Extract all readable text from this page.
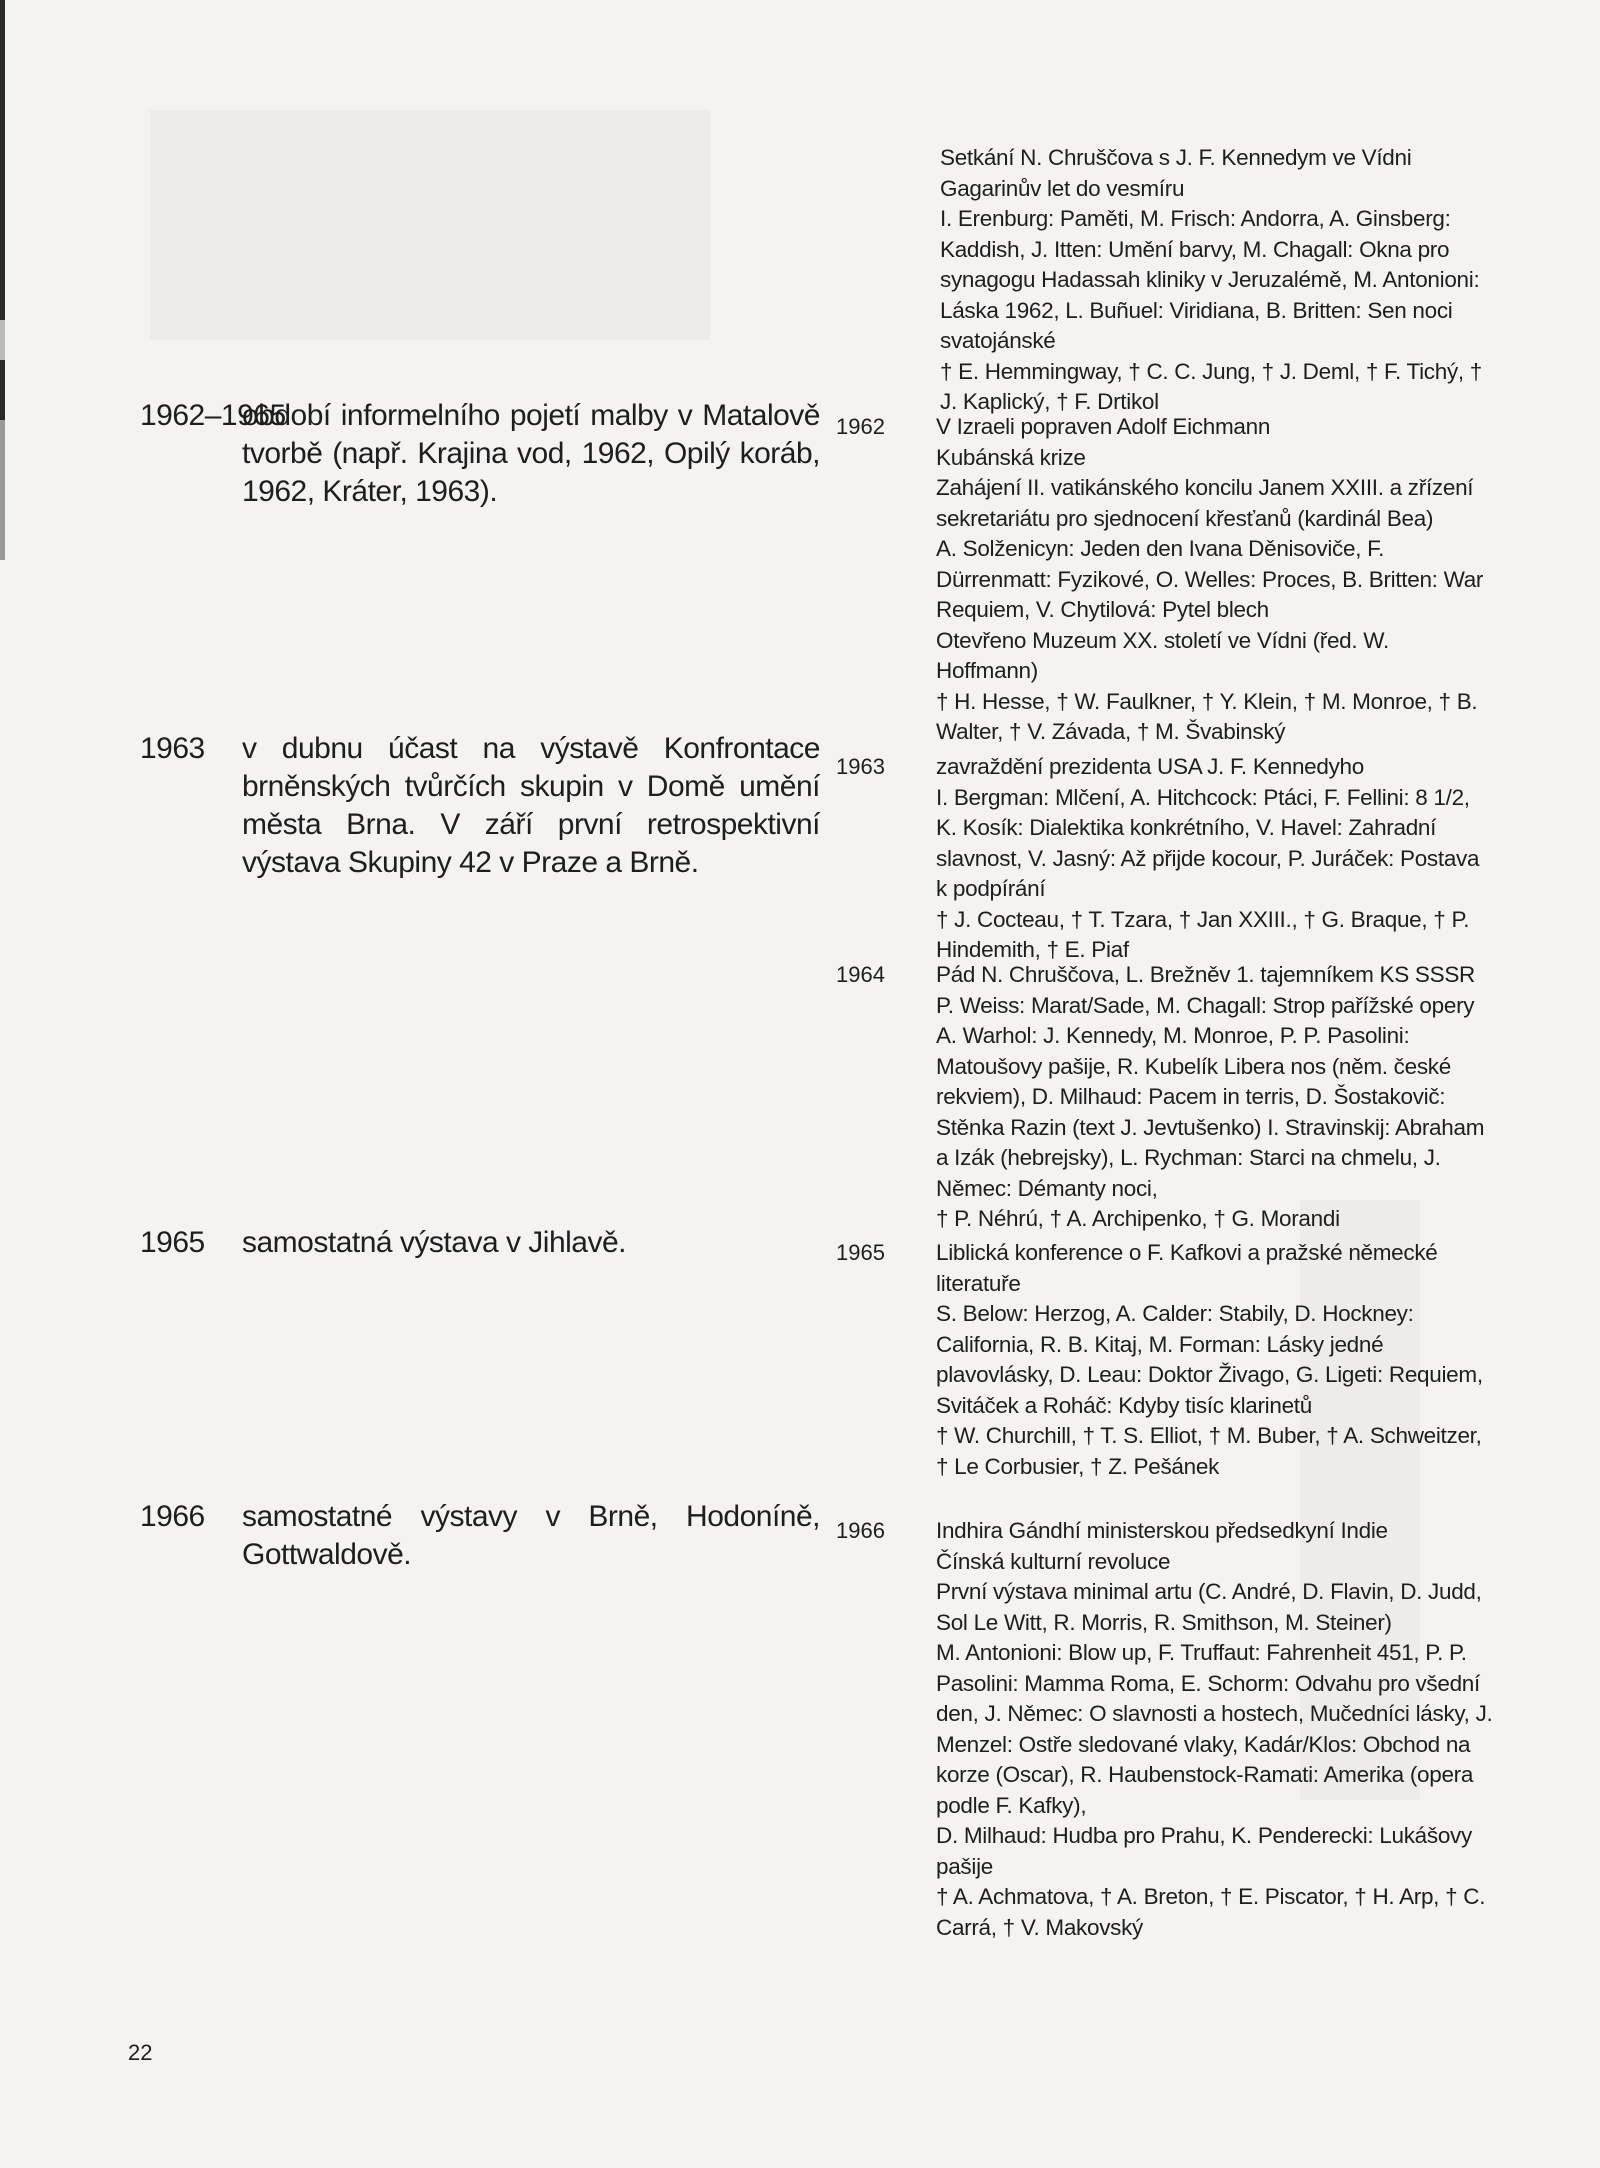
1962–1965

období informelního pojetí malby v Matalově tvorbě (např. Krajina vod, 1962, Opilý koráb, 1962, Kráter, 1963).

1963 v dubnu účast na výstavě Konfrontace brněnských tvůrčích skupin v Domě umění města Brna. V září první retrospektivní výstava Skupiny 42 v Praze a Brně.

1965 samostatná výstava v Jihlavě.

1966 samostatné výstavy v Brně, Hodoníně, Gottwaldově.

Setkání N. Chruščova s J. F. Kennedym ve Vídni

Gagarinův let do vesmíru

I. Erenburg: Paměti, M. Frisch: Andorra, A. Ginsberg: Kaddish, J. Itten: Umění barvy, M. Chagall: Okna pro synagogu Hadassah kliniky v Jeruzalémě, M. Antonioni: Láska 1962, L. Buñuel: Viridiana, B. Britten: Sen noci svatojánské

† E. Hemmingway, † C. C. Jung, † J. Deml, † F. Tichý, † J. Kaplický, † F. Drtikol

1962 V Izraeli popraven Adolf Eichmann

Kubánská krize

Zahájení II. vatikánského koncilu Janem XXIII. a zřízení sekretariátu pro sjednocení křesťanů (kardinál Bea)

A. Solženicyn: Jeden den Ivana Děnisoviče, F. Dürrenmatt: Fyzikové, O. Welles: Proces, B. Britten: War Requiem, V. Chytilová: Pytel blech

Otevřeno Muzeum XX. století ve Vídni (řed. W. Hoffmann)

† H. Hesse, † W. Faulkner, † Y. Klein, † M. Monroe, † B. Walter, † V. Závada, † M. Švabinský

1963 zavraždění prezidenta USA J. F. Kennedyho

I. Bergman: Mlčení, A. Hitchcock: Ptáci, F. Fellini: 8 1/2, K. Kosík: Dialektika konkrétního, V. Havel: Zahradní slavnost, V. Jasný: Až přijde kocour, P. Juráček: Postava k podpírání

† J. Cocteau, † T. Tzara, † Jan XXIII., † G. Braque, † P. Hindemith, † E. Piaf

1964 Pád N. Chruščova, L. Brežněv 1. tajemníkem KS SSSR

P. Weiss: Marat/Sade, M. Chagall: Strop pařížské opery

A. Warhol: J. Kennedy, M. Monroe, P. P. Pasolini: Matoušovy pašije, R. Kubelík Libera nos (něm. české rekviem), D. Milhaud: Pacem in terris, D. Šostakovič: Stěnka Razin (text J. Jevtušenko) I. Stravinskij: Abraham a Izák (hebrejsky), L. Rychman: Starci na chmelu, J. Němec: Démanty noci,

† P. Néhrú, † A. Archipenko, † G. Morandi

1965 Liblická konference o F. Kafkovi a pražské německé literatuře

S. Below: Herzog, A. Calder: Stabily, D. Hockney: California, R. B. Kitaj, M. Forman: Lásky jedné plavovlásky, D. Leau: Doktor Živago, G. Ligeti: Requiem, Svitáček a Roháč: Kdyby tisíc klarinetů

† W. Churchill, † T. S. Elliot, † M. Buber, † A. Schweitzer, † Le Corbusier, † Z. Pešánek

1966 Indhira Gándhí ministerskou předsedkyní Indie

Čínská kulturní revoluce

První výstava minimal artu (C. André, D. Flavin, D. Judd, Sol Le Witt, R. Morris, R. Smithson, M. Steiner)

M. Antonioni: Blow up, F. Truffaut: Fahrenheit 451, P. P. Pasolini: Mamma Roma, E. Schorm: Odvahu pro všední den, J. Němec: O slavnosti a hostech, Mučedníci lásky, J. Menzel: Ostře sledované vlaky, Kadár/Klos: Obchod na korze (Oscar), R. Haubenstock-Ramati: Amerika (opera podle F. Kafky),

D. Milhaud: Hudba pro Prahu, K. Penderecki: Lukášovy pašije

† A. Achmatova, † A. Breton, † E. Piscator, † H. Arp, † C. Carrá, † V. Makovský

22
